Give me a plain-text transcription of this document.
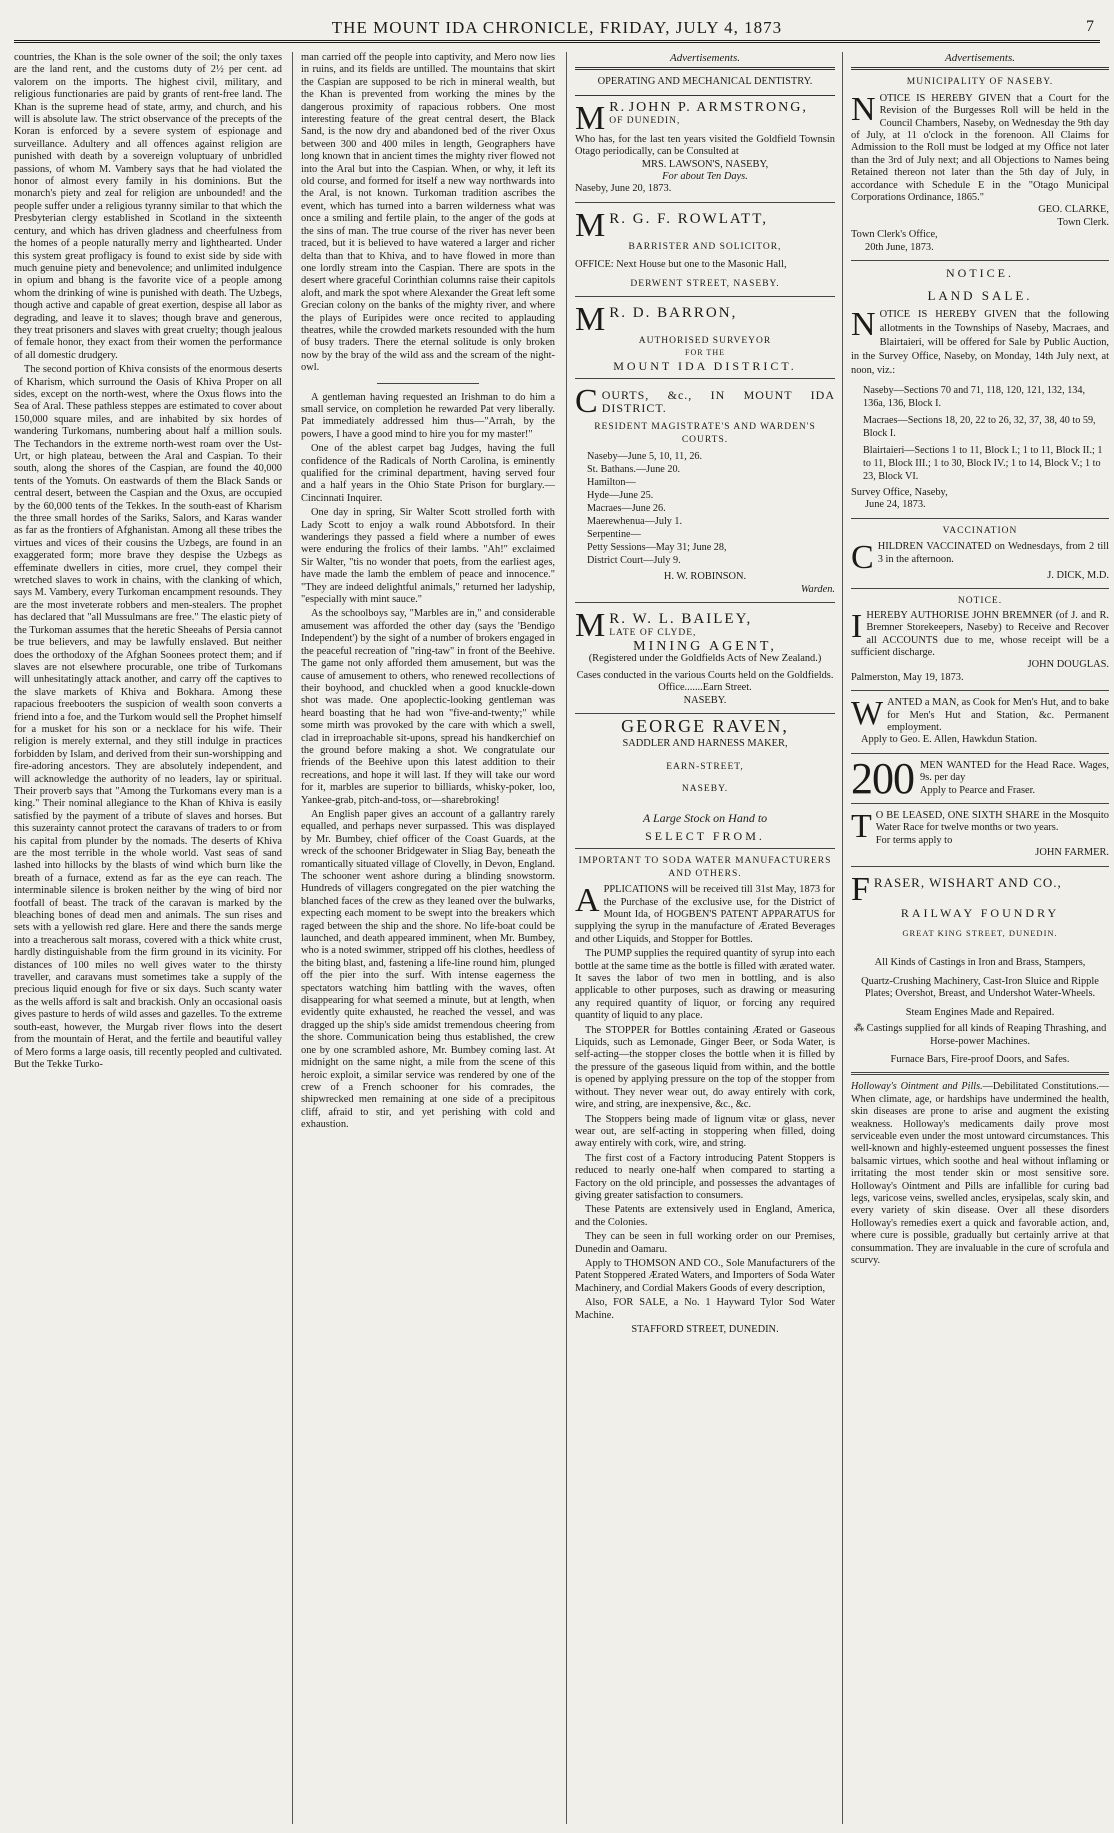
THE MOUNT IDA CHRONICLE, FRIDAY, JULY 4, 1873	7

countries, the Khan is the sole owner of the soil; the only taxes are the land rent, and the customs duty of 2½ per cent. ad valorem on the imports. The highest civil, military, and religious functionaries are paid by grants of rent-free land. The Khan is the supreme head of state, army, and church, and his will is absolute law. The strict observance of the precepts of the Koran is enforced by a severe system of espionage and surveillance. Adultery and all offences against religion are punished with death by a sovereign voluptuary of unbridled passions, of whom M. Vambery says that he had violated the honor of almost every family in his dominions. But the monarch's piety and zeal for religion are unbounded! and the people suffer under a religious tyranny similar to that which the Presbyterian clergy established in Scotland in the sixteenth century, and which has driven gladness and cheerfulness from the homes of a people naturally merry and lighthearted. Under this system great profligacy is found to exist side by side with much genuine piety and benevolence; and unlimited indulgence in opium and bhang is the favorite vice of a people among whom the drinking of wine is punished with death. The Uzbegs, though active and capable of great exertion, despise all labor as degrading, and leave it to slaves; though brave and generous, they treat prisoners and slaves with great cruelty; though jealous of female honor, they exact from their women the performance of all domestic drudgery.

The second portion of Khiva consists of the enormous deserts of Kharism, which surround the Oasis of Khiva Proper on all sides, except on the north-west, where the Oxus flows into the Sea of Aral. These pathless steppes are estimated to cover about 150,000 square miles, and are inhabited by six hordes of wandering Turkomans, numbering about half a million souls. The Techandors in the extreme north-west roam over the Ust-Urt, or high plateau, between the Aral and Caspian. To their south, along the shores of the Caspian, are found the 40,000 tents of the Yomuts. On eastwards of them the Black Sands or central desert, between the Caspian and the Oxus, are occupied by the 60,000 tents of the Tekkes. In the south-east of Kharism the three small hordes of the Sariks, Salors, and Karas wander as far as the frontiers of Afghanistan. Among all these tribes the virtues and vices of their cousins the Uzbegs, are found in an exaggerated form; more brave they despise the Uzbegs as effeminate dwellers in cities, more cruel, they compel their wretched slaves to work in chains, with the clanking of which, says M. Vambery, every Turkoman encampment resounds. They are the most inveterate robbers and men-stealers. The prophet has declared that "all Mussulmans are free." The elastic piety of the Turkoman assumes that the heretic Sheeahs of Persia cannot be true believers, and may be lawfully enslaved. But neither does the orthodoxy of the Afghan Soonees protect them; and if slaves are not elsewhere procurable, one tribe of Turkomans will unhesitatingly attack another, and carry off the captives to the slave markets of Khiva and Bokhara. Among these rapacious freebooters the suspicion of wealth soon converts a friend into a foe, and the Turkom would sell the Prophet himself for a musket for his son or a necklace for his wife. Their religion is merely external, and they still indulge in practices forbidden by Islam, and derived from their sun-worshipping and fire-adoring ancestors. They are absolutely independent, and will acknowledge the authority of no leaders, lay or spiritual. Their proverb says that "Among the Turkomans every man is a king." Their nominal allegiance to the Khan of Khiva is easily satisfied by the payment of a tribute of slaves and horses. But this suzerainty cannot protect the caravans of traders to or from his capital from plunder by the nomads. The deserts of Khiva are the most terrible in the whole world. Vast seas of sand lashed into hillocks by the blasts of wind which burn like the breath of a furnace, extend as far as the eye can reach. The interminable silence is broken neither by the wing of bird nor footfall of beast. The track of the caravan is marked by the bleaching bones of dead men and animals. The sun rises and sets with a yellowish red glare. Here and there the sands merge into a treacherous salt morass, covered with a thick white crust, hardly distinguishable from the firm ground in its vicinity. For distances of 100 miles no well gives water to the thirsty traveller, and caravans must sometimes take a supply of the precious liquid enough for five or six days. Such scanty water as the wells afford is salt and brackish. Only an occasional oasis gives pasture to herds of wild asses and gazelles. To the extreme south-east, however, the Murgab river flows into the desert from the mountain of Herat, and the fertile and beautiful valley of Mero forms a large oasis, till recently peopled and cultivated. But the Tekke Turko-

man carried off the people into captivity, and Mero now lies in ruins, and its fields are untilled. The mountains that skirt the Caspian are supposed to be rich in mineral wealth, but the Khan is prevented from working the mines by the dangerous proximity of rapacious robbers. One most interesting feature of the great central desert, the Black Sand, is the now dry and abandoned bed of the river Oxus between 300 and 400 miles in length, Geographers have long known that in ancient times the mighty river flowed not into the Aral but into the Caspian. When, or why, it left its old course, and formed for itself a new way northwards into the Aral, is not known. Turkoman tradition ascribes the event, which has turned into a barren wilderness what was once a smiling and fertile plain, to the anger of the gods at the sins of man. The true course of the river has never been traced, but it is believed to have watered a larger and richer delta than that to Khiva, and to have flowed in more than one lordly stream into the Caspian. There are spots in the desert where graceful Corinthian columns raise their capitols aloft, and mark the spot where Alexander the Great left some Grecian colony on the banks of the mighty river, and where the plays of Euripides were once recited to applauding theatres, while the crowded markets resounded with the hum of busy traders. There the eternal solitude is only broken now by the bray of the wild ass and the scream of the night-owl.

A gentleman having requested an Irishman to do him a small service, on completion he rewarded Pat very liberally. Pat immediately addressed him thus—"Arrah, by the powers, I have a good mind to hire you for my master!"

One of the ablest carpet bag Judges, having the full confidence of the Radicals of North Carolina, is eminently qualified for the criminal department, having served four and a half years in the Ohio State Prison for burglary.—Cincinnati Inquirer.

One day in spring, Sir Walter Scott strolled forth with Lady Scott to enjoy a walk round Abbotsford. In their wanderings they passed a field where a number of ewes were enduring the frolics of their lambs. "Ah!" exclaimed Sir Walter, "tis no wonder that poets, from the earliest ages, have made the lamb the emblem of peace and innocence." "They are indeed delightful animals," returned her ladyship, "especially with mint sauce."

As the schoolboys say, "Marbles are in," and considerable amusement was afforded the other day (says the 'Bendigo Independent') by the sight of a number of brokers engaged in the peaceful recreation of "ring-taw" in front of the Beehive. The game not only afforded them amusement, but was the cause of amusement to others, who renewed recollections of their boyhood, and chuckled when a good knuckle-down shot was made. One apoplectic-looking gentleman was heard boasting that he had won "five-and-twenty;" while some mirth was provoked by the care with which a swell, clad in irreproachable sit-upons, spread his handkerchief on the ground before making a shot. We congratulate our friends of the Beehive upon this latest addition to their recreations, and hope it will last. If they will take our word for it, marbles are superior to billiards, whisky-poker, loo, Yankee-grab, pitch-and-toss, or—sharebroking!

An English paper gives an account of a gallantry rarely equalled, and perhaps never surpassed. This was displayed by Mr. Bumbey, chief officer of the Coast Guards, at the wreck of the schooner Bridgewater in Sliag Bay, beneath the romantically situated village of Clovelly, in Devon, England. The schooner went ashore during a blinding snowstorm. Hundreds of villagers congregated on the pier watching the blanched faces of the crew as they leaned over the bulwarks, expecting each moment to be swept into the breakers which raged between the ship and the shore. No life-boat could be launched, and death appeared imminent, when Mr. Bumbey, who is a noted swimmer, stripped off his clothes, heedless of the biting blast, and, fastening a life-line round him, plunged off the pier into the surf. With intense eagerness the spectators watching him battling with the waves, often disappearing for what seemed a minute, but at length, when evidently quite exhausted, he reached the vessel, and was dragged up the ship's side amidst tremendous cheering from the shore. Communication being thus established, the crew one by one scrambled ashore, Mr. Bumbey coming last. At midnight on the same night, a mile from the scene of this heroic exploit, a similar service was rendered by one of the crew of a French schooner for his comrades, the shipwrecked men remaining at one side of a precipitous cliff, afraid to stir, and yet perishing with cold and exhaustion.

Advertisements.
OPERATING AND MECHANICAL DENTISTRY.
M R. JOHN P. ARMSTRONG,
OF DUNEDIN,
Who has, for the last ten years visited the Goldfield Townsin Otago periodically, can be Consulted at
MRS. LAWSON'S, NASEBY,
For about Ten Days.
Naseby, June 20, 1873.
M R. G. F. ROWLATT,
BARRISTER AND SOLICITOR,
OFFICE: Next House but one to the Masonic Hall,
DERWENT STREET, NASEBY.
M R. D. BARRON,
AUTHORISED SURVEYOR
FOR THE
MOUNT IDA DISTRICT.
C OURTS, &c., IN MOUNT IDA DISTRICT.
RESIDENT MAGISTRATE'S AND WARDEN'S COURTS.
Naseby—June 5, 10, 11, 26.
St. Bathans.—June 20.
Hamilton—
Hyde—June 25.
Macraes—June 26.
Maerewhenua—July 1.
Serpentine—
Petty Sessions—May 31; June 28,
District Court—July 9.
H. W. ROBINSON.
Warden.
M R. W. L. BAILEY,
LATE OF CLYDE,
MINING AGENT,
(Registered under the Goldfields Acts of New Zealand.)
Cases conducted in the various Courts held on the Goldfields.
Office.......Earn Street.
NASEBY.
GEORGE RAVEN,
SADDLER AND HARNESS MAKER,
EARN-STREET,
NASEBY.
A Large Stock on Hand to
SELECT FROM.
IMPORTANT TO SODA WATER MANUFACTURERS AND OTHERS.

APPLICATIONS will be received till 31st May, 1873 for the Purchase of the exclusive use, for the District of Mount Ida, of HOGBEN'S PATENT APPARATUS for supplying the syrup in the manufacture of Ærated Beverages and other Liquids, and Stopper for Bottles.

The PUMP supplies the required quantity of syrup into each bottle at the same time as the bottle is filled with ærated water. It saves the labor of two men in bottling, and is also applicable to other purposes, such as drawing or measuring any required quantity of liquor, or forcing any required quantity of liquid to any place.

The STOPPER for Bottles containing Ærated or Gaseous Liquids, such as Lemonade, Ginger Beer, or Soda Water, is self-acting—the stopper closes the bottle when it is filled by the pressure of the gaseous liquid from within, and the bottle is opened by applying pressure on the top of the stopper from without. They never wear out, do away entirely with cork, wire, and string, are inexpensive, &c., &c.

The Stoppers being made of lignum vitæ or glass, never wear out, are self-acting in stoppering when filled, doing away entirely with cork, wire, and string.

The first cost of a Factory introducing Patent Stoppers is reduced to nearly one-half when compared to starting a Factory on the old principle, and possesses the advantages of giving greater satisfaction to consumers.

These Patents are extensively used in England, America, and the Colonies.

They can be seen in full working order on our Premises, Dunedin and Oamaru.

Apply to THOMSON AND CO., Sole Manufacturers of the Patent Stoppered Ærated Waters, and Importers of Soda Water Machinery, and Cordial Makers Goods of every description,

Also, FOR SALE, a No. 1 Hayward Tylor Sod Water Machine.

STAFFORD STREET, DUNEDIN.
Advertisements.
MUNICIPALITY OF NASEBY.
NOTICE IS HEREBY GIVEN that a Court for the Revision of the Burgesses Roll will be held in the Council Chambers, Naseby, on Wednesday the 9th day of July, at 11 o'clock in the forenoon. All Claims for Admission to the Roll must be lodged at my Office not later than the 3rd of July next; and all Objections to Names being Retained thereon not later than the 5th day of July, in accordance with Schedule E in the "Otago Municipal Corporations Ordinance, 1865."
GEO. CLARKE,
Town Clerk.
Town Clerk's Office,
20th June, 1873.
NOTICE.
LAND SALE.
NOTICE IS HEREBY GIVEN that the following allotments in the Townships of Naseby, Macraes, and Blairtaieri, will be offered for Sale by Public Auction, in the Survey Office, Naseby, on Monday, 14th July next, at noon, viz.:
Naseby—Sections 70 and 71, 118, 120, 121, 132, 134, 136a, 136, Block I.
Macraes—Sections 18, 20, 22 to 26, 32, 37, 38, 40 to 59, Block I.
Blairtaieri—Sections 1 to 11, Block I.; 1 to 11, Block II.; 1 to 11, Block III.; 1 to 30, Block IV.; 1 to 14, Block V.; 1 to 23, Block VI.
Survey Office, Naseby,
June 24, 1873.
VACCINATION
CHILDREN VACCINATED on Wednesdays, from 2 till 3 in the afternoon.
J. DICK, M.D.
NOTICE.
IHEREBY AUTHORISE JOHN BREMNER (of J. and R. Bremner Storekeepers, Naseby) to Receive and Recover all ACCOUNTS due to me, whose receipt will be a sufficient discharge.
JOHN DOUGLAS.
Palmerston, May 19, 1873.
WANTED a MAN, as Cook for Men's Hut, and to bake for Men's Hut and Station, &c. Permanent employment.
Apply to Geo. E. Allen, Hawkdun Station.
200 MEN WANTED for the Head Race. Wages, 9s. per day
Apply to Pearce and Fraser.
T O BE LEASED, ONE SIXTH SHARE in the Mosquito Water Race for twelve months or two years.
For terms apply to
JOHN FARMER.
F RASER, WISHART AND CO.,
RAILWAY FOUNDRY
GREAT KING STREET, DUNEDIN.
All Kinds of Castings in Iron and Brass, Stampers,
Quartz-Crushing Machinery, Cast-Iron Sluice and Ripple Plates; Overshot, Breast, and Undershot Water-Wheels.
Steam Engines Made and Repaired.
⁂ Castings supplied for all kinds of Reaping Thrashing, and Horse-power Machines.
Furnace Bars, Fire-proof Doors, and Safes.
Holloway's Ointment and Pills.—Debilitated Constitutions.—When climate, age, or hardships have undermined the health, skin diseases are prone to arise and augment the existing weakness. Holloway's medicaments daily prove most serviceable even under the most untoward circumstances. This well-known and highly-esteemed unguent possesses the finest balsamic virtues, which soothe and heal without inflaming or irritating the most tender skin or most sensitive sore. Holloway's Ointment and Pills are infallible for curing bad legs, varicose veins, swelled ancles, erysipelas, scaly skin, and every variety of skin disease. Over all these disorders Holloway's remedies exert a quick and favorable action, and, where cure is possible, gradually but certainly arrive at that consummation. They are invaluable in the cure of scrofula and scurvy.
